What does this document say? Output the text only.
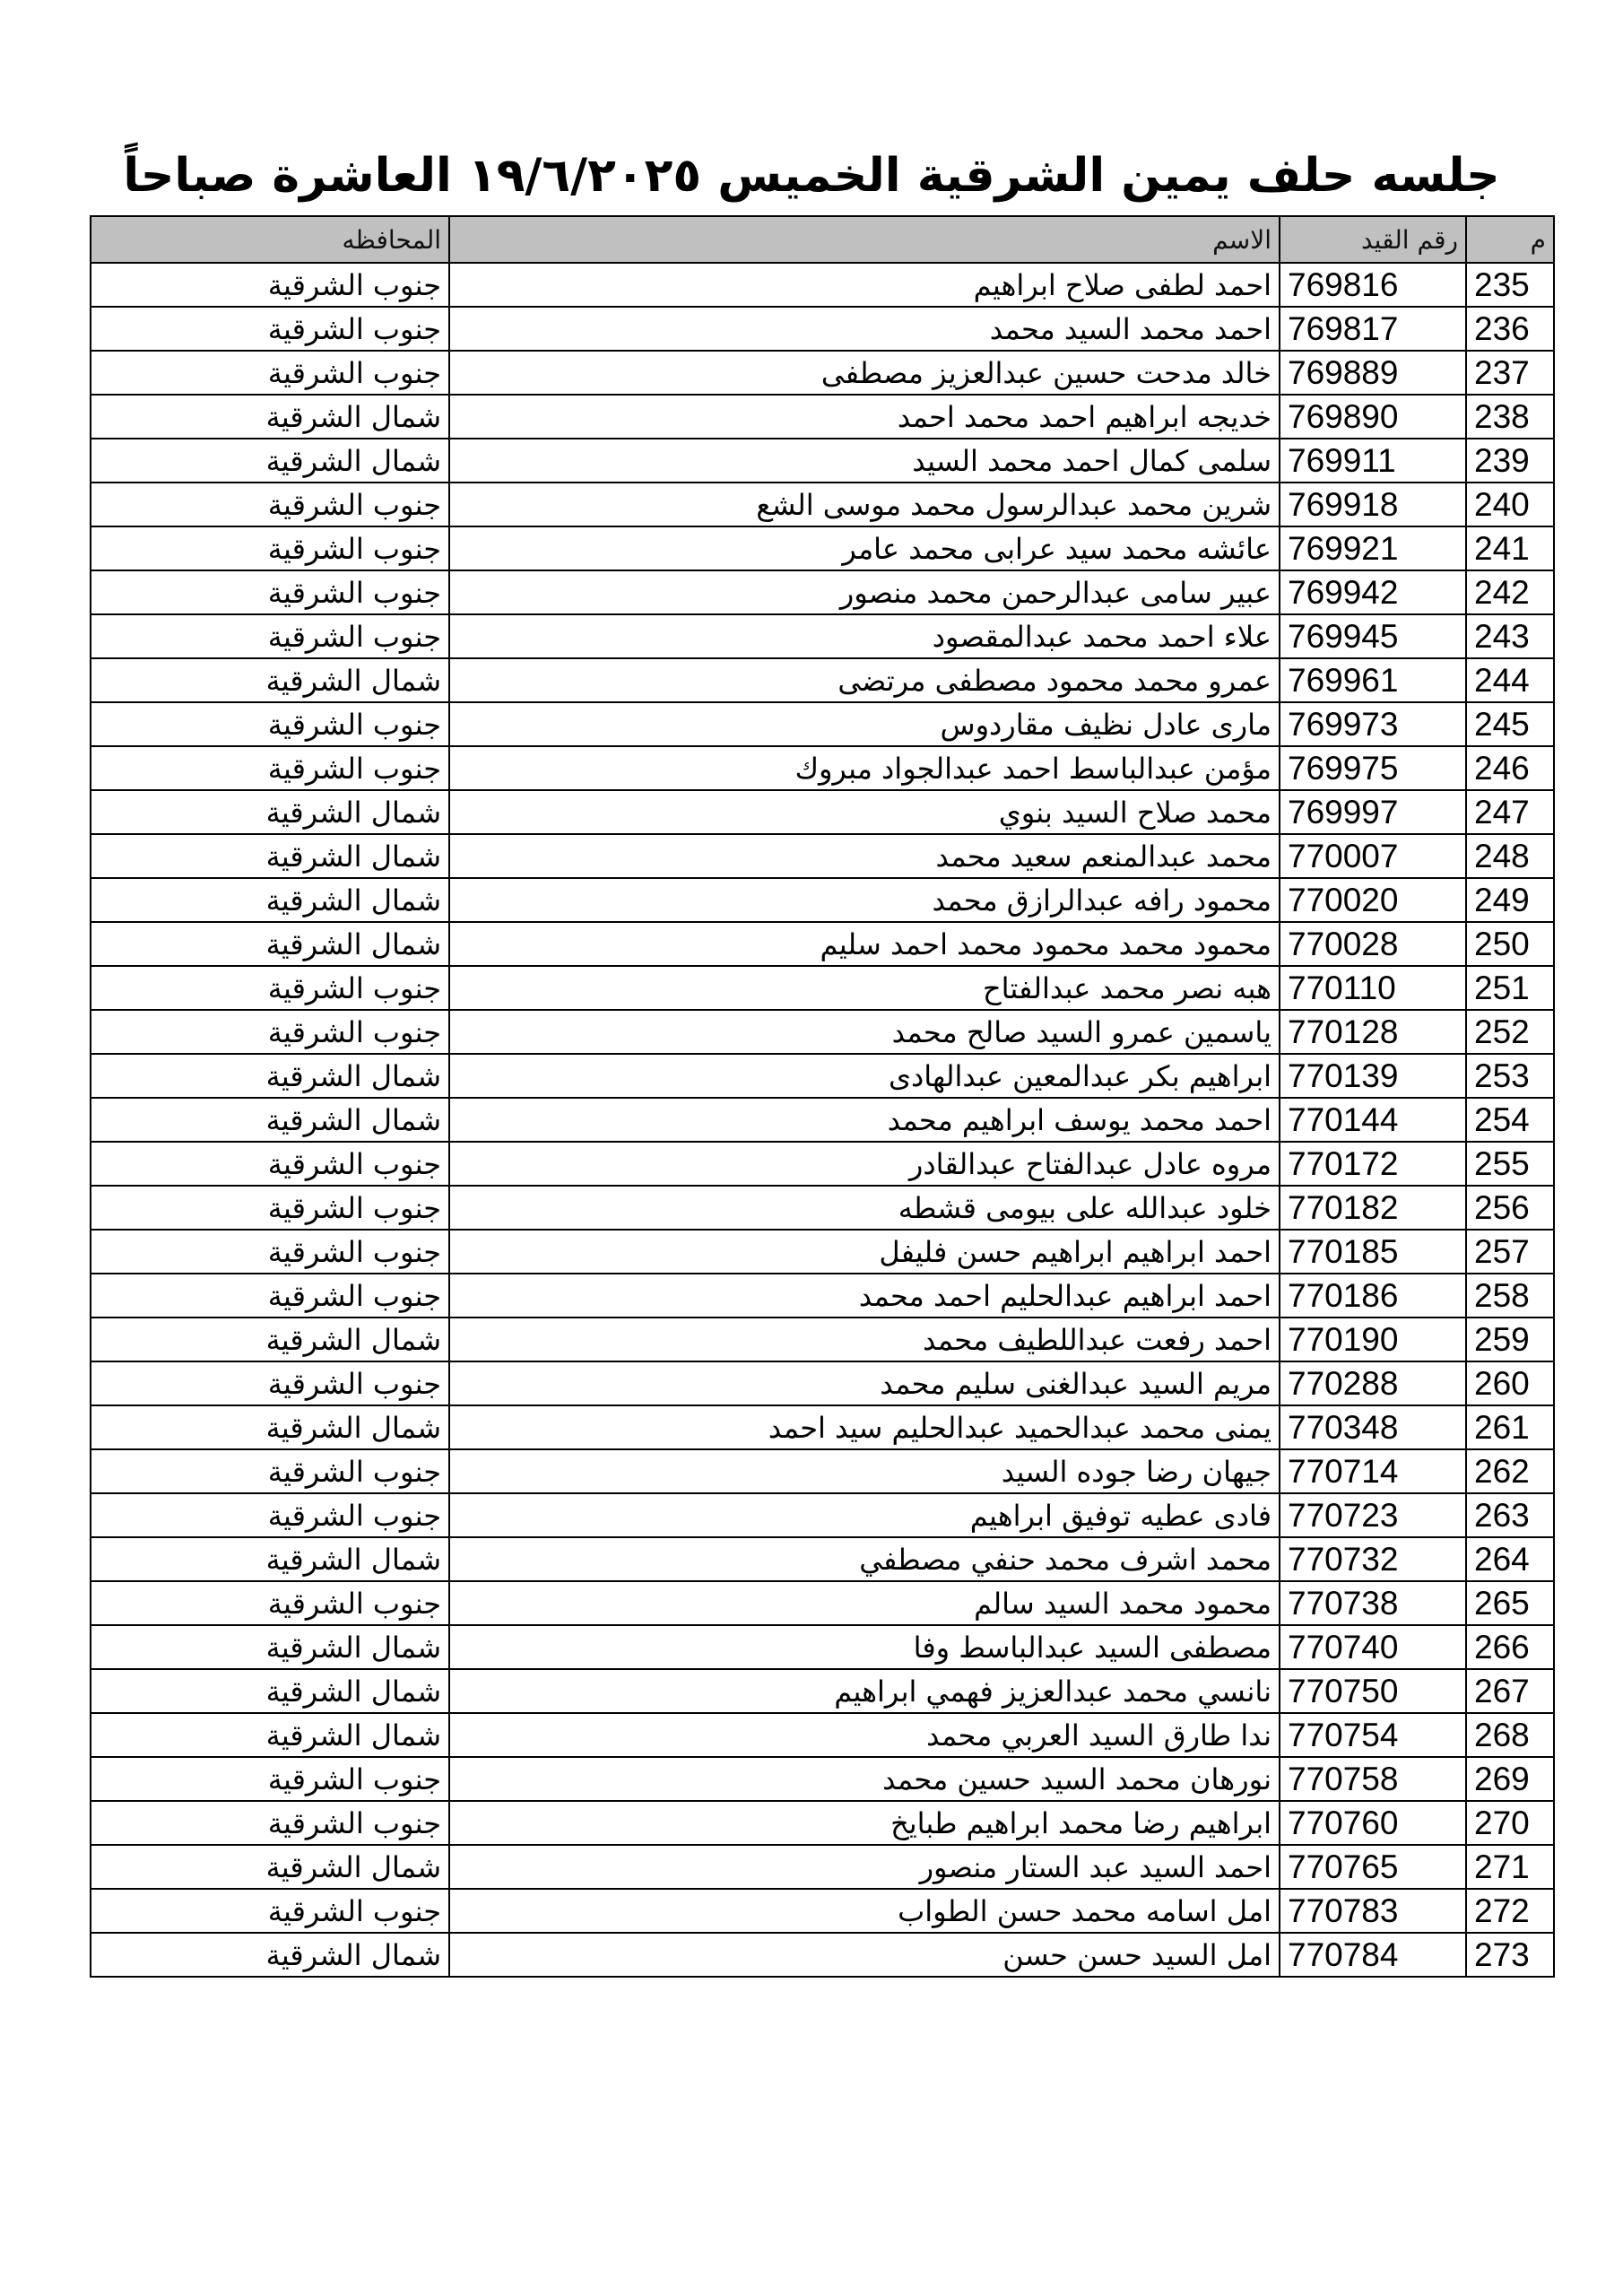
جلسه حلف يمين الشرقية الخميس ١٩/٦/٢٠٢٥ العاشرة صباحاً
م	رقم القيد	الاسم	المحافظه
235	769816	احمد لطفى صلاح ابراهيم	جنوب الشرقية
236	769817	احمد محمد السيد محمد	جنوب الشرقية
237	769889	خالد مدحت حسين عبدالعزيز مصطفى	جنوب الشرقية
238	769890	خديجه ابراهيم احمد محمد احمد	شمال الشرقية
239	769911	سلمى كمال احمد محمد السيد	شمال الشرقية
240	769918	شرين محمد عبدالرسول محمد موسى الشع	جنوب الشرقية
241	769921	عائشه محمد سيد عرابى محمد عامر	جنوب الشرقية
242	769942	عبير سامى عبدالرحمن محمد منصور	جنوب الشرقية
243	769945	علاء احمد محمد عبدالمقصود	جنوب الشرقية
244	769961	عمرو محمد محمود مصطفى مرتضى	شمال الشرقية
245	769973	مارى عادل نظيف مقاردوس	جنوب الشرقية
246	769975	مؤمن عبدالباسط احمد عبدالجواد مبروك	جنوب الشرقية
247	769997	محمد صلاح السيد بنوي	شمال الشرقية
248	770007	محمد عبدالمنعم سعيد محمد	شمال الشرقية
249	770020	محمود رافه عبدالرازق محمد	شمال الشرقية
250	770028	محمود محمد محمود محمد احمد سليم	شمال الشرقية
251	770110	هبه نصر محمد عبدالفتاح	جنوب الشرقية
252	770128	ياسمين عمرو السيد صالح محمد	جنوب الشرقية
253	770139	ابراهيم بكر عبدالمعين عبدالهادى	شمال الشرقية
254	770144	احمد محمد يوسف ابراهيم محمد	شمال الشرقية
255	770172	مروه عادل عبدالفتاح عبدالقادر	جنوب الشرقية
256	770182	خلود عبدالله على بيومى قشطه	جنوب الشرقية
257	770185	احمد ابراهيم ابراهيم حسن فليفل	جنوب الشرقية
258	770186	احمد ابراهيم عبدالحليم احمد محمد	جنوب الشرقية
259	770190	احمد رفعت عبداللطيف محمد	شمال الشرقية
260	770288	مريم السيد عبدالغنى سليم محمد	جنوب الشرقية
261	770348	يمنى محمد عبدالحميد عبدالحليم سيد احمد	شمال الشرقية
262	770714	جيهان رضا جوده السيد	جنوب الشرقية
263	770723	فادى عطيه توفيق ابراهيم	جنوب الشرقية
264	770732	محمد اشرف محمد حنفي مصطفي	شمال الشرقية
265	770738	محمود محمد السيد سالم	جنوب الشرقية
266	770740	مصطفى السيد عبدالباسط وفا	شمال الشرقية
267	770750	نانسي محمد عبدالعزيز فهمي ابراهيم	شمال الشرقية
268	770754	ندا طارق السيد العربي محمد	شمال الشرقية
269	770758	نورهان محمد السيد حسين محمد	جنوب الشرقية
270	770760	ابراهيم رضا محمد ابراهيم طبايخ	جنوب الشرقية
271	770765	احمد السيد عبد الستار منصور	شمال الشرقية
272	770783	امل اسامه محمد حسن الطواب	جنوب الشرقية
273	770784	امل السيد حسن حسن	شمال الشرقية
